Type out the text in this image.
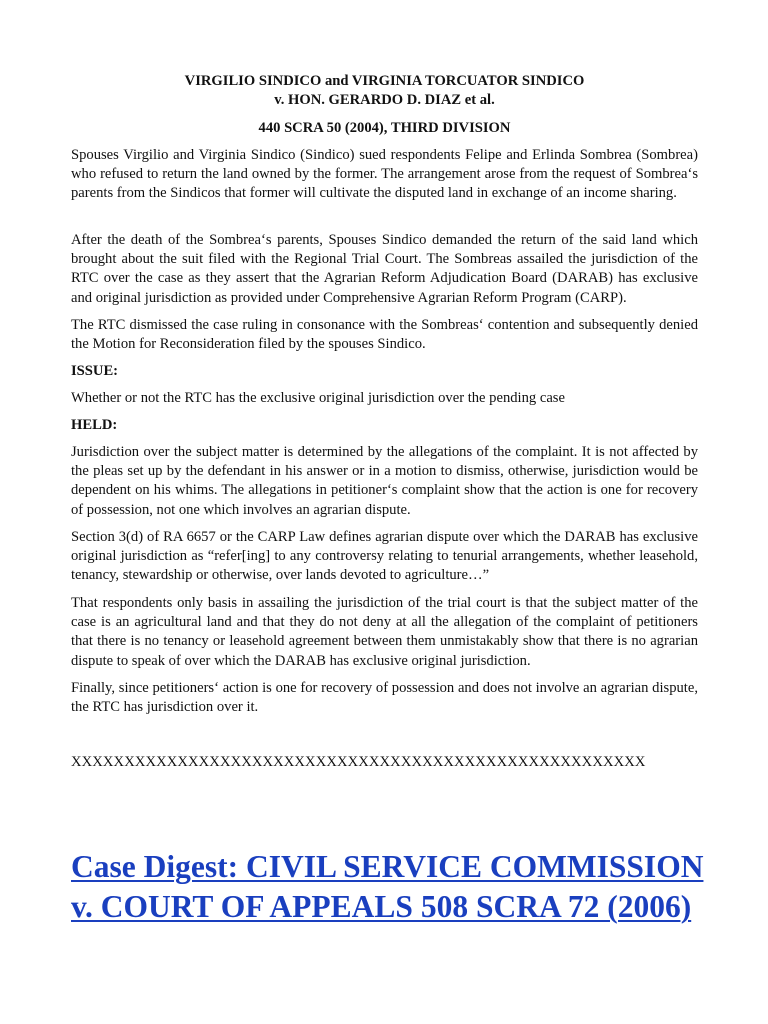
VIRGILIO SINDICO and VIRGINIA TORCUATOR SINDICO
v. HON. GERARDO D. DIAZ et al.
440 SCRA 50 (2004), THIRD DIVISION
Spouses Virgilio and Virginia Sindico (Sindico) sued respondents Felipe and Erlinda Sombrea (Sombrea) who refused to return the land owned by the former. The arrangement arose from the request of Sombrea‘s parents from the Sindicos that former will cultivate the disputed land in exchange of an income sharing.
After the death of the Sombrea‘s parents, Spouses Sindico demanded the return of the said land which brought about the suit filed with the Regional Trial Court. The Sombreas assailed the jurisdiction of the RTC over the case as they assert that the Agrarian Reform Adjudication Board (DARAB) has exclusive and original jurisdiction as provided under Comprehensive Agrarian Reform Program (CARP).
The RTC dismissed the case ruling in consonance with the Sombreas‘ contention and subsequently denied the Motion for Reconsideration filed by the spouses Sindico.
ISSUE:
Whether or not the RTC has the exclusive original jurisdiction over the pending case
HELD:
Jurisdiction over the subject matter is determined by the allegations of the complaint. It is not affected by the pleas set up by the defendant in his answer or in a motion to dismiss, otherwise, jurisdiction would be dependent on his whims. The allegations in petitioner‘s complaint show that the action is one for recovery of possession, not one which involves an agrarian dispute.
Section 3(d) of RA 6657 or the CARP Law defines agrarian dispute over which the DARAB has exclusive original jurisdiction as “refer[ing] to any controversy relating to tenurial arrangements, whether leasehold, tenancy, stewardship or otherwise, over lands devoted to agriculture…”
That respondents only basis in assailing the jurisdiction of the trial court is that the subject matter of the case is an agricultural land and that they do not deny at all the allegation of the complaint of petitioners that there is no tenancy or leasehold agreement between them unmistakably show that there is no agrarian dispute to speak of over which the DARAB has exclusive original jurisdiction.
Finally, since petitioners‘ action is one for recovery of possession and does not involve an agrarian dispute, the RTC has jurisdiction over it.
XXXXXXXXXXXXXXXXXXXXXXXXXXXXXXXXXXXXXXXXXXXXXXXXXXXXXX
Case Digest: CIVIL SERVICE COMMISSION
v. COURT OF APPEALS 508 SCRA 72 (2006)
